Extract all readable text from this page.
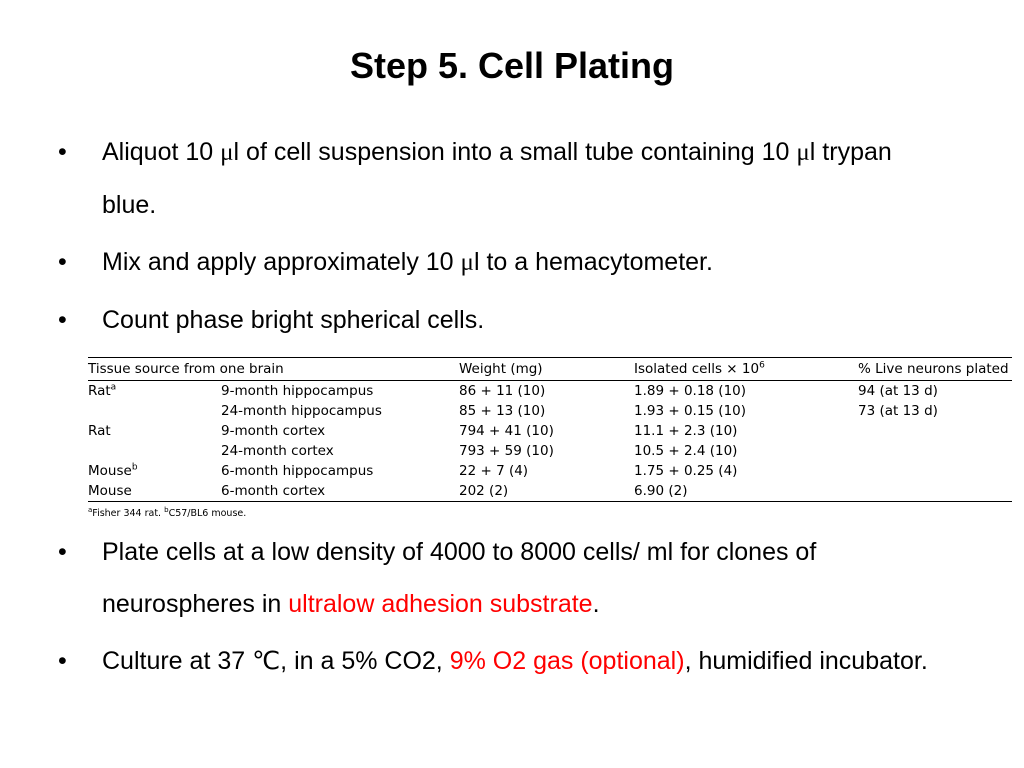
Step 5. Cell Plating
• Aliquot 10 μl of cell suspension into a small tube containing 10 μl trypan blue.
• Mix and apply approximately 10 μl to a hemacytometer.
• Count phase bright spherical cells.
• Plate cells at a low density of 4000 to 8000 cells/ ml for clones of neurospheres in ultralow adhesion substrate.
• Culture at 37 ℃, in a 5% CO2, 9% O2 gas (optional), humidified incubator.
Tissue source from one brain		Weight (mg)	Isolated cells × $10^6$	% Live neurons plated
Rat$^a$	9-month hippocampus	86 + 11 (10)	1.89 + 0.18 (10)	94 (at 13 d)
	24-month hippocampus	85 + 13 (10)	1.93 + 0.15 (10)	73 (at 13 d)
Rat	9-month cortex	794 + 41 (10)	11.1 + 2.3 (10)	
	24-month cortex	793 + 59 (10)	10.5 + 2.4 (10)	
Mouse$^b$	6-month hippocampus	22 + 7 (4)	1.75 + 0.25 (4)	
Mouse	6-month cortex	202 (2)	6.90 (2)	
$^a$Fisher 344 rat. $^b$C57/BL6 mouse.
